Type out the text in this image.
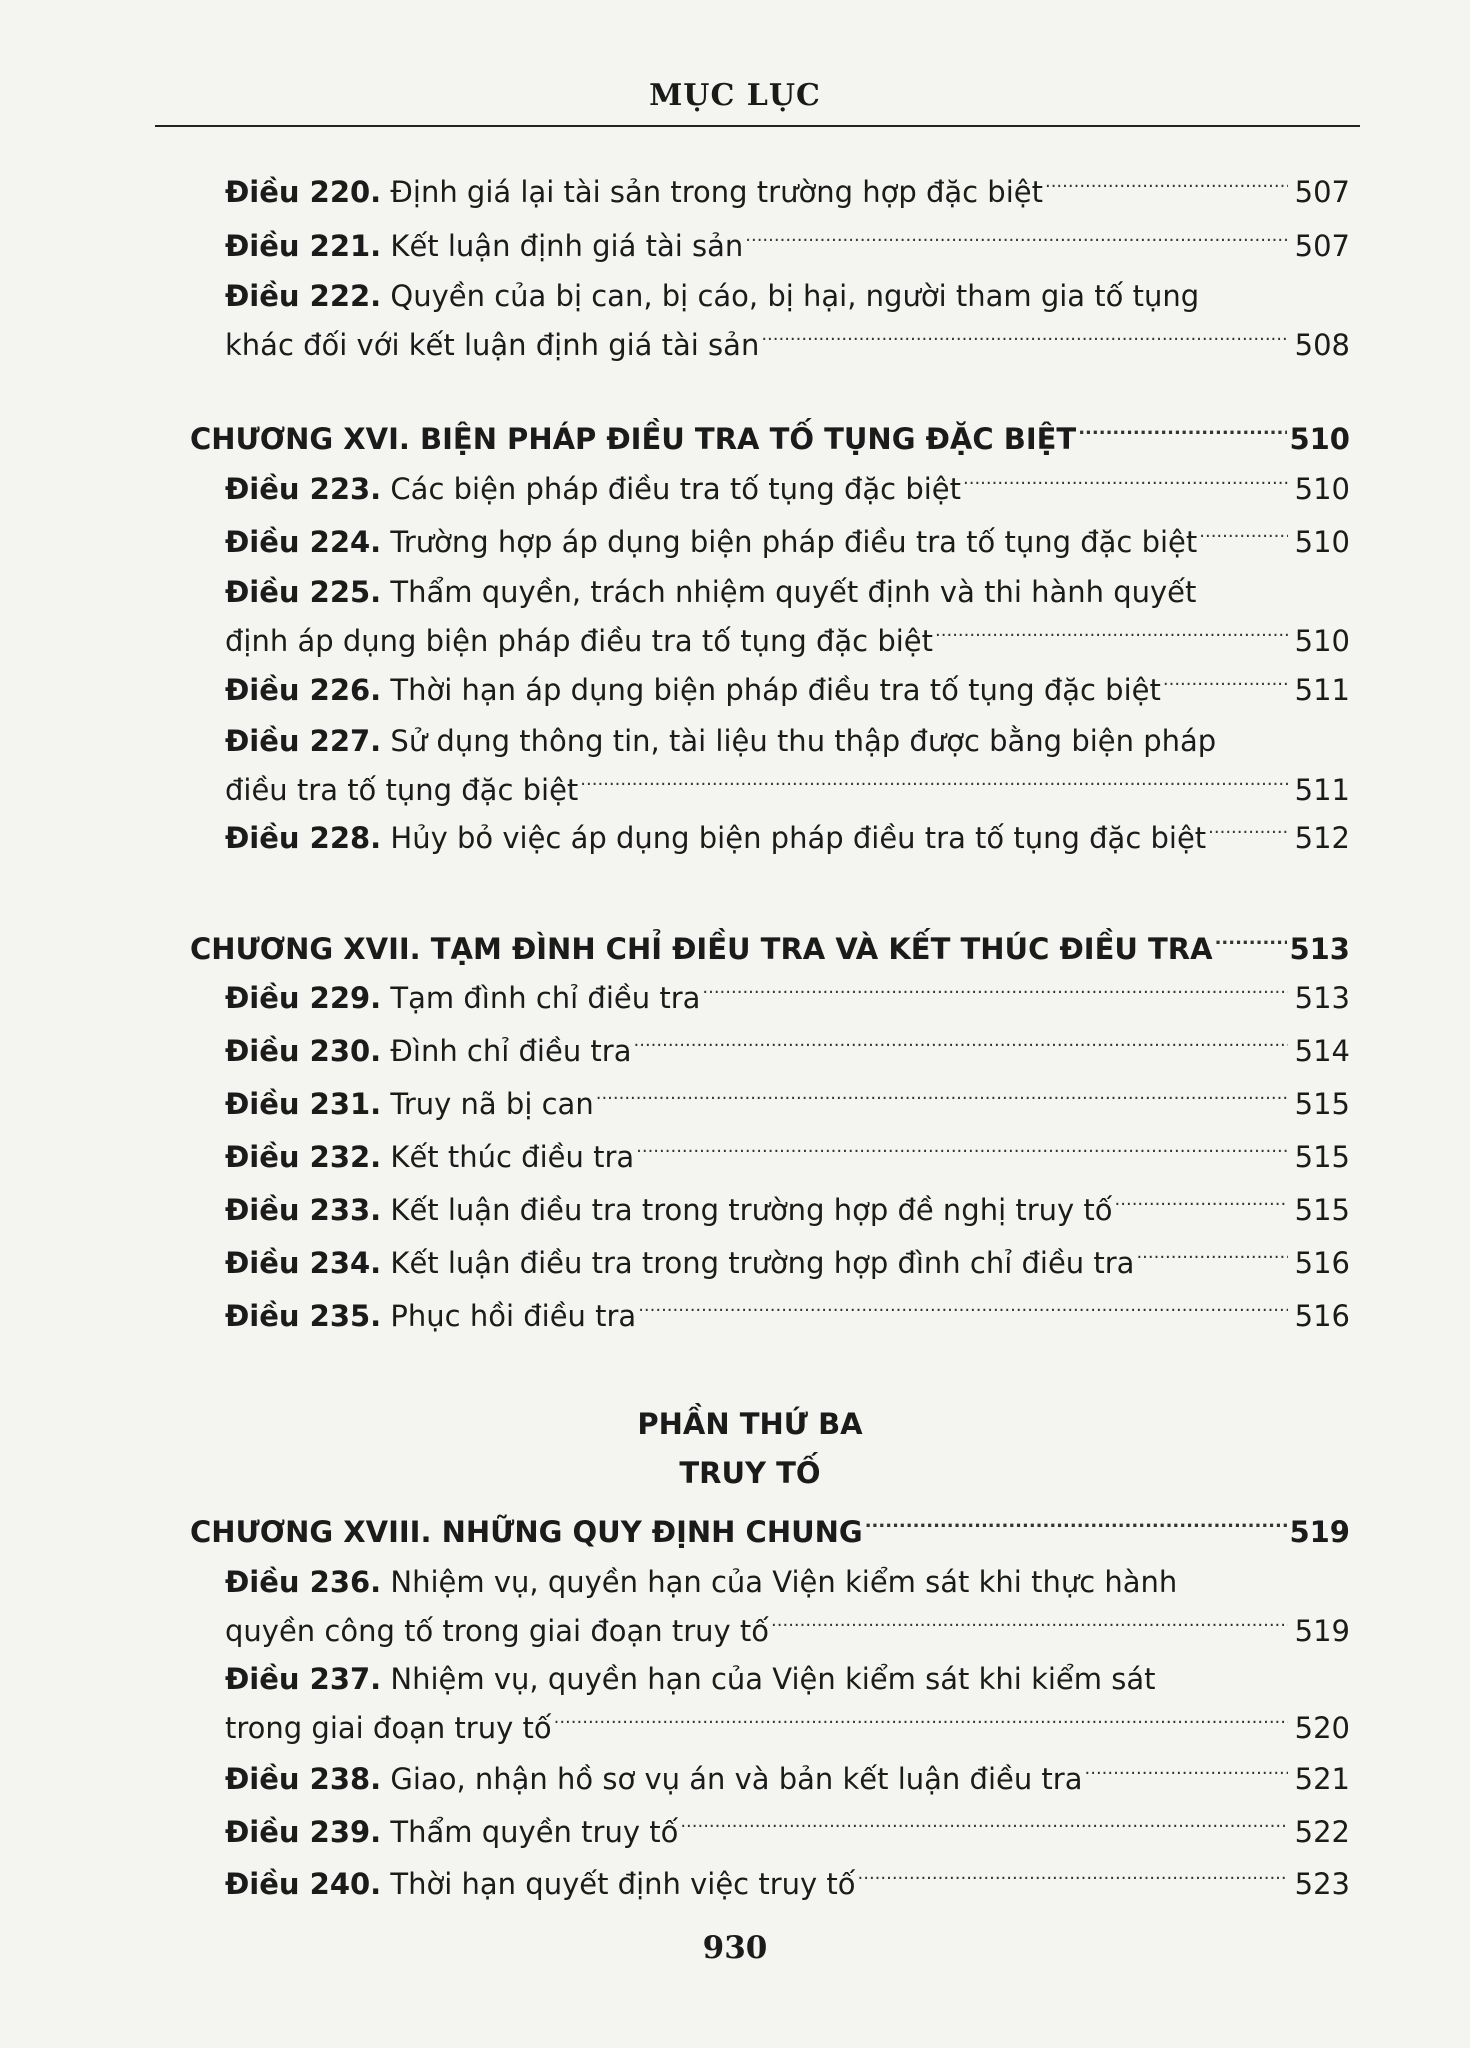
MỤC LỤC
Điều 220. Định giá lại tài sản trong trường hợp đặc biệt .....	507
Điều 221. Kết luận định giá tài sản .....	507
Điều 222. Quyền của bị can, bị cáo, bị hại, người tham gia tố tụng
khác đối với kết luận định giá tài sản .....	508
CHƯƠNG XVI. BIỆN PHÁP ĐIỀU TRA TỐ TỤNG ĐẶC BIỆT .....	510
Điều 223. Các biện pháp điều tra tố tụng đặc biệt .....	510
Điều 224. Trường hợp áp dụng biện pháp điều tra tố tụng đặc biệt .....	510
Điều 225. Thẩm quyền, trách nhiệm quyết định và thi hành quyết
định áp dụng biện pháp điều tra tố tụng đặc biệt .....	510
Điều 226. Thời hạn áp dụng biện pháp điều tra tố tụng đặc biệt .....	511
Điều 227. Sử dụng thông tin, tài liệu thu thập được bằng biện pháp
điều tra tố tụng đặc biệt .....	511
Điều 228. Hủy bỏ việc áp dụng biện pháp điều tra tố tụng đặc biệt .....	512
CHƯƠNG XVII. TẠM ĐÌNH CHỈ ĐIỀU TRA VÀ KẾT THÚC ĐIỀU TRA .....	513
Điều 229. Tạm đình chỉ điều tra .....	513
Điều 230. Đình chỉ điều tra .....	514
Điều 231. Truy nã bị can .....	515
Điều 232. Kết thúc điều tra .....	515
Điều 233. Kết luận điều tra trong trường hợp đề nghị truy tố .....	515
Điều 234. Kết luận điều tra trong trường hợp đình chỉ điều tra .....	516
Điều 235. Phục hồi điều tra .....	516
CHƯƠNG XVIII. NHỮNG QUY ĐỊNH CHUNG .....	519
Điều 236. Nhiệm vụ, quyền hạn của Viện kiểm sát khi thực hành
quyền công tố trong giai đoạn truy tố .....	519
Điều 237. Nhiệm vụ, quyền hạn của Viện kiểm sát khi kiểm sát
trong giai đoạn truy tố .....	520
Điều 238. Giao, nhận hồ sơ vụ án và bản kết luận điều tra .....	521
Điều 239. Thẩm quyền truy tố .....	522
Điều 240. Thời hạn quyết định việc truy tố .....	523
PHẦN THỨ BA
TRUY TỐ
930
